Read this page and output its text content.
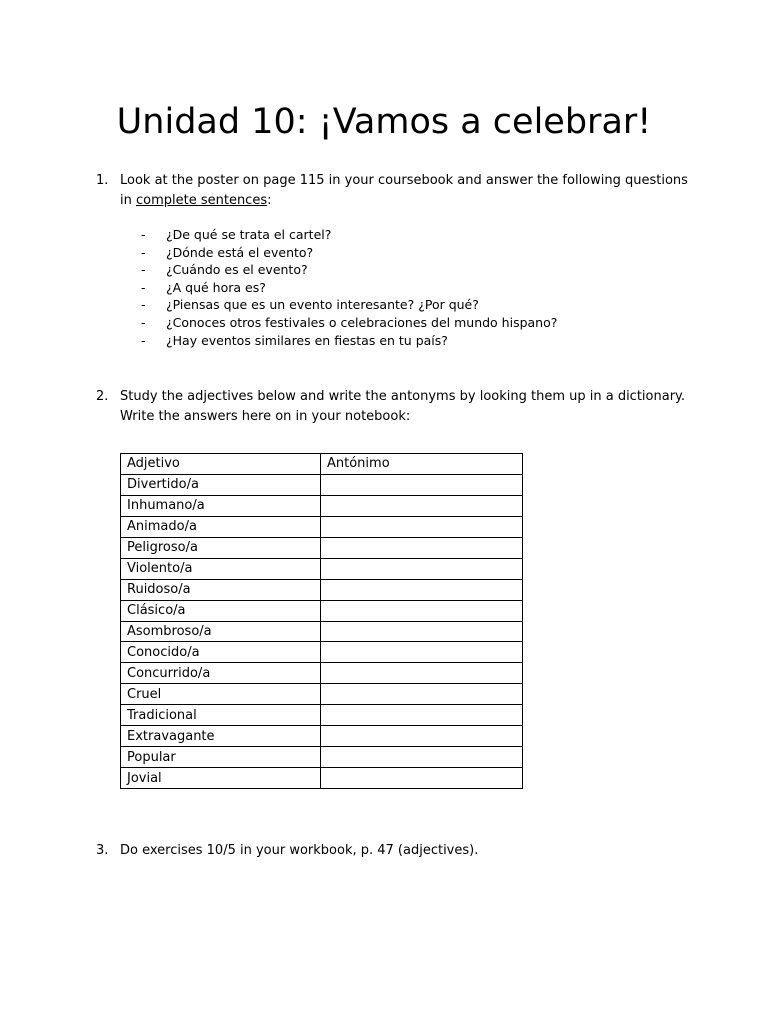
Unidad 10: ¡Vamos a celebrar!
1. Look at the poster on page 115 in your coursebook and answer the following questions in complete sentences:
- ¿De qué se trata el cartel?
- ¿Dónde está el evento?
- ¿Cuándo es el evento?
- ¿A qué hora es?
- ¿Piensas que es un evento interesante? ¿Por qué?
- ¿Conoces otros festivales o celebraciones del mundo hispano?
- ¿Hay eventos similares en fiestas en tu país?
2. Study the adjectives below and write the antonyms by looking them up in a dictionary. Write the answers here on in your notebook:
Adjetivo	Antónimo
Divertido/a	
Inhumano/a	
Animado/a	
Peligroso/a	
Violento/a	
Ruidoso/a	
Clásico/a	
Asombroso/a	
Conocido/a	
Concurrido/a	
Cruel	
Tradicional	
Extravagante	
Popular	
Jovial	
3. Do exercises 10/5 in your workbook, p. 47 (adjectives).
